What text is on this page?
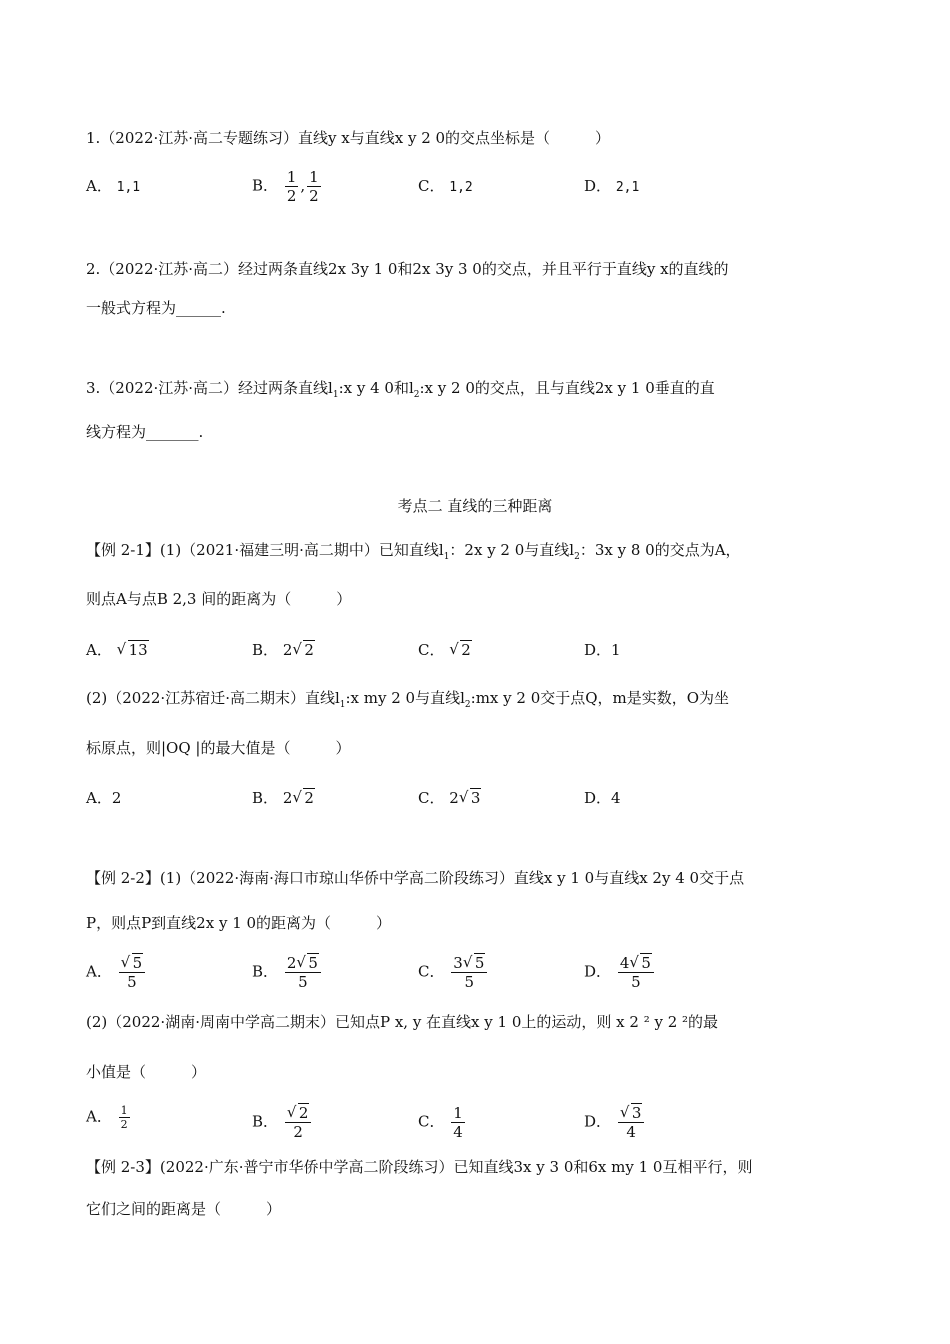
1.（2022·江苏·高二专题练习）直线y x与直线x y 2 0的交点坐标是（　　　）
A． 1,1	B． $\frac{1}{2}$ , $\frac{1}{2}$	C． 1,2	D． 2,1
2.（2022·江苏·高二）经过两条直线2x 3y 1 0和2x 3y 3 0的交点，并且平行于直线y x的直线的
一般式方程为______.
3.（2022·江苏·高二）经过两条直线$l_1:x$ y 4 0和$l_2:x$ y 2 0的交点，且与直线2x y 1 0垂直的直
线方程为_______.
考点二 直线的三种距离
【例 2-1】(1)（2021·福建三明·高二期中）已知直线$l_1$：2x y 2 0与直线$l_2$：3x y 8 0的交点为A，
则点A与点B 2,3 间的距离为（　　　）
A． √ 13	B． 2 √ 2	C． √ 2	D．1
(2)（2022·江苏宿迁·高二期末）直线$l_1:x$ my 2 0与直线$l_2:mx$ y 2 0交于点Q，m是实数，O为坐
标原点，则|OQ |的最大值是（　　　）
A．2	B． 2 √ 2	C． 2 √ 3	D．4
【例 2-2】(1)（2022·海南·海口市琼山华侨中学高二阶段练习）直线x y 1 0与直线x 2y 4 0交于点
P，则点P到直线2x y 1 0的距离为（　　　）
A． √ $\frac{5}{5}$	B． $\frac{2 √ 5}{5}$	C． $\frac{3 √ 5}{5}$	D． $\frac{4 √ 5}{5}$
(2)（2022·湖南·周南中学高二期末）已知点P x, y 在直线x y 1 0上的运动，则 x 2 ² y 2 ²的最
小值是（　　　）
A． $\frac{1}{2}$	B． √ $\frac{2}{2}$	C． $\frac{1}{4}$	D． √ $\frac{3}{4}$
【例 2-3】(2022·广东·普宁市华侨中学高二阶段练习）已知直线3x y 3 0和6x my 1 0互相平行，则
它们之间的距离是（　　　）
